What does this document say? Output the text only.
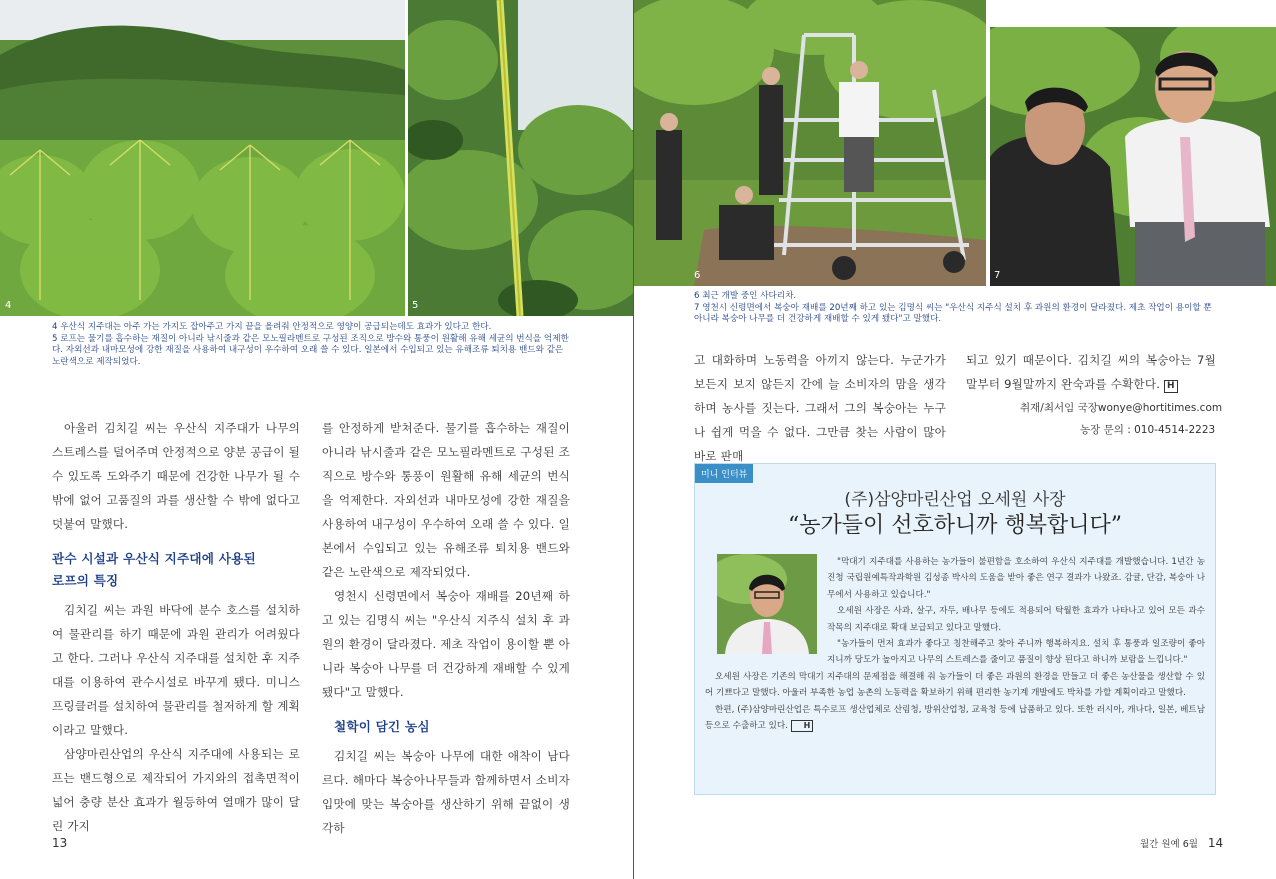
4	5

4 우산식 지주대는 아주 가는 가지도 잡아주고 가지 끝을 올려줘 안정적으로 영양이 공급되는데도 효과가 있다고 한다.

5 로프는 물기를 흡수하는 재질이 아니라 낚시줄과 같은 모노필라멘트로 구성된 조직으로 방수와 통풍이 원활해 유해 세균의 번식을 억제한다. 자외선과 내마모성에 강한 재질을 사용하여 내구성이 우수하여 오래 쓸 수 있다. 일본에서 수입되고 있는 유해조류 퇴치용 밴드와 같은 노란색으로 제작되었다.

아울러 김치길 씨는 우산식 지주대가 나무의 스트레스를 덜어주며 안정적으로 양분 공급이 될 수 있도록 도와주기 때문에 건강한 나무가 될 수 밖에 없어 고품질의 과를 생산할 수 밖에 없다고 덧붙여 말했다.

관수 시설과 우산식 지주대에 사용된
로프의 특징

김치길 씨는 과원 바닥에 분수 호스를 설치하여 물관리를 하기 때문에 과원 관리가 어려웠다고 한다. 그러나 우산식 지주대를 설치한 후 지주대를 이용하여 관수시설로 바꾸게 됐다. 미니스프링클러를 설치하여 물관리를 철저하게 할 계획이라고 말했다.

삼양마린산업의 우산식 지주대에 사용되는 로프는 밴드형으로 제작되어 가지와의 접촉면적이 넓어 충량 분산 효과가 월등하여 열매가 많이 달린 가지

를 안정하게 받쳐준다. 물기를 흡수하는 재질이 아니라 낚시줄과 같은 모노필라멘트로 구성된 조직으로 방수와 통풍이 원활해 유해 세균의 번식을 억제한다. 자외선과 내마모성에 강한 재질을 사용하여 내구성이 우수하여 오래 쓸 수 있다. 일본에서 수입되고 있는 유해조류 퇴치용 밴드와 같은 노란색으로 제작되었다.

영천시 신령면에서 복숭아 재배를 20년째 하고 있는 김명식 씨는 "우산식 지주식 설치 후 과원의 환경이 달라졌다. 제초 작업이 용이할 뿐 아니라 복숭아 나무를 더 건강하게 재배할 수 있게 됐다"고 말했다.

철학이 담긴 농심

김치길 씨는 복숭아 나무에 대한 애착이 남다르다. 해마다 복숭아나무들과 함께하면서 소비자 입맛에 맞는 복숭아를 생산하기 위해 끝없이 생각하

13
6	7

6 최근 개발 중인 사다리차.

7 영천시 신령면에서 복숭아 재배를 20년째 하고 있는 김명식 씨는 "우산식 지주식 설치 후 과원의 환경이 달라졌다. 제초 작업이 용이할 뿐 아니라 복숭아 나무를 더 건강하게 재배할 수 있게 됐다"고 말했다.

고 대화하며 노동력을 아끼지 않는다. 누군가가 보든지 보지 않든지 간에 늘 소비자의 맘을 생각하며 농사를 짓는다. 그래서 그의 복숭아는 누구나 쉽게 먹을 수 없다. 그만큼 찾는 사람이 많아 바로 판매

되고 있기 때문이다. 김치길 씨의 복숭아는 7월말부터 9월말까지 완숙과를 수확한다. H

취재/최서임 국장wonye@hortitimes.com
농장 문의 : 010-4514-2223
미니 인터뷰
(주)삼양마린산업 오세원 사장
“농가들이 선호하니까 행복합니다”

"막대기 지주대를 사용하는 농가들이 불편함을 호소하여 우산식 지주대를 개발했습니다. 1년간 농진청 국립원예특작과학원 김성종 박사의 도움을 받아 좋은 연구 결과가 나왔죠. 감귤, 단감, 복숭아 나무에서 사용하고 있습니다."

오세원 사장은 사과, 살구, 자두, 배나무 등에도 적용되어 탁월한 효과가 나타나고 있어 모든 과수 작목의 지주대로 확대 보급되고 있다고 말했다.

"농가들이 먼저 효과가 좋다고 칭찬해주고 찾아 주니까 행복하지요. 설치 후 통풍과 일조량이 좋아지니까 당도가 높아지고 나무의 스트레스를 줄이고 품질이 향상 된다고 하니까 보람을 느낍니다."

오세원 사장은 기존의 막대기 지주대의 문제점을 해결해 줘 농가들이 더 좋은 과원의 환경을 만들고 더 좋은 농산물을 생산할 수 있어 기쁘다고 말했다. 아울러 부족한 농업 농촌의 노동력을 확보하기 위해 편리한 농기계 개발에도 박차를 가할 계획이라고 말했다.

한편, (주)삼양마린산업은 특수로프 생산업체로 산림청, 방위산업청, 교육청 등에 납품하고 있다. 또한 러시아, 캐나다, 일본, 베트남 등으로 수출하고 있다. H

월간 원예 6월 14
